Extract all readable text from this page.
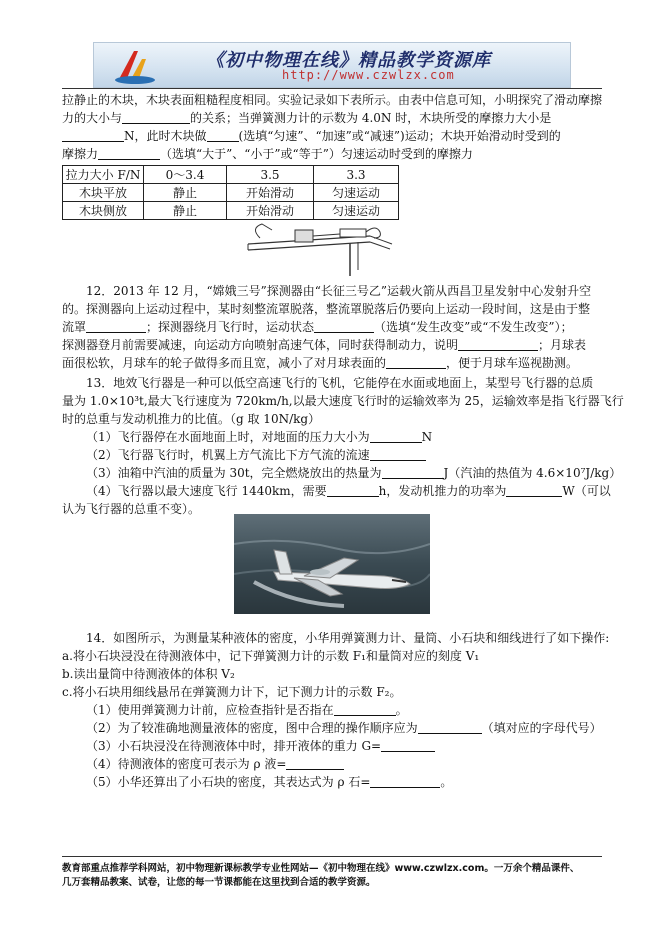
《初中物理在线》精品教学资源库
http://www.czwlzx.com
拉静止的木块，木块表面粗糙程度相同。实验记录如下表所示。由表中信息可知，小明探究了滑动摩擦
力的大小与	的关系；当弹簧测力计的示数为 4.0N 时，木块所受的摩擦力大小是
N，此时木块做	(选填“匀速”、“加速”或“减速”)运动；木块开始滑动时受到的
摩擦力	（选填“大于”、“小于”或“等于”）匀速运动时受到的摩擦力
拉力大小 F/N	0～3.4	3.5	3.3
木块平放	静止	开始滑动	匀速运动
木块侧放	静止	开始滑动	匀速运动
12．2013 年 12 月，“嫦娥三号”探测器由“长征三号乙”运载火箭从西昌卫星发射中心发射升空
的。探测器向上运动过程中，某时刻整流罩脱落，整流罩脱落后仍要向上运动一段时间，这是由于整
流罩	；探测器绕月飞行时，运动状态	（选填“发生改变”或“不发生改变”）；
探测器登月前需要减速，向运动方向喷射高速气体，同时获得制动力，说明	；月球表
面很松软，月球车的轮子做得多而且宽，减小了对月球表面的	，便于月球车巡视勘测。
13．地效飞行器是一种可以低空高速飞行的飞机，它能停在水面或地面上，某型号飞行器的总质
量为 1.0×10³t,最大飞行速度为 720km/h,以最大速度飞行时的运输效率为 25，运输效率是指飞行器飞行
时的总重与发动机推力的比值。（g 取 10N/kg）
（1）飞行器停在水面地面上时，对地面的压力大小为	N
（2）飞行器飞行时，机翼上方气流比下方气流的流速
（3）油箱中汽油的质量为 30t，完全燃烧放出的热量为	J（汽油的热值为 4.6×10⁷J/kg）
（4）飞行器以最大速度飞行 1440km，需要	h，发动机推力的功率为	W（可以
认为飞行器的总重不变）。
14．如图所示，为测量某种液体的密度，小华用弹簧测力计、量筒、小石块和细线进行了如下操作:
a.将小石块浸没在待测液体中，记下弹簧测力计的示数 F₁和量筒对应的刻度 V₁
b.读出量筒中待测液体的体积 V₂
c.将小石块用细线悬吊在弹簧测力计下，记下测力计的示数 F₂。
（1）使用弹簧测力计前，应检查指针是否指在	。
（2）为了较准确地测量液体的密度，图中合理的操作顺序应为	（填对应的字母代号）
（3）小石块浸没在待测液体中时，排开液体的重力 G=
（4）待测液体的密度可表示为 ρ 液=
（5）小华还算出了小石块的密度，其表达式为 ρ 石=	。
教育部重点推荐学科网站，初中物理新课标教学专业性网站—《初中物理在线》www.czwlzx.com。一万余个精品课件、
几万套精品教案、试卷，让您的每一节课都能在这里找到合适的教学资源。
